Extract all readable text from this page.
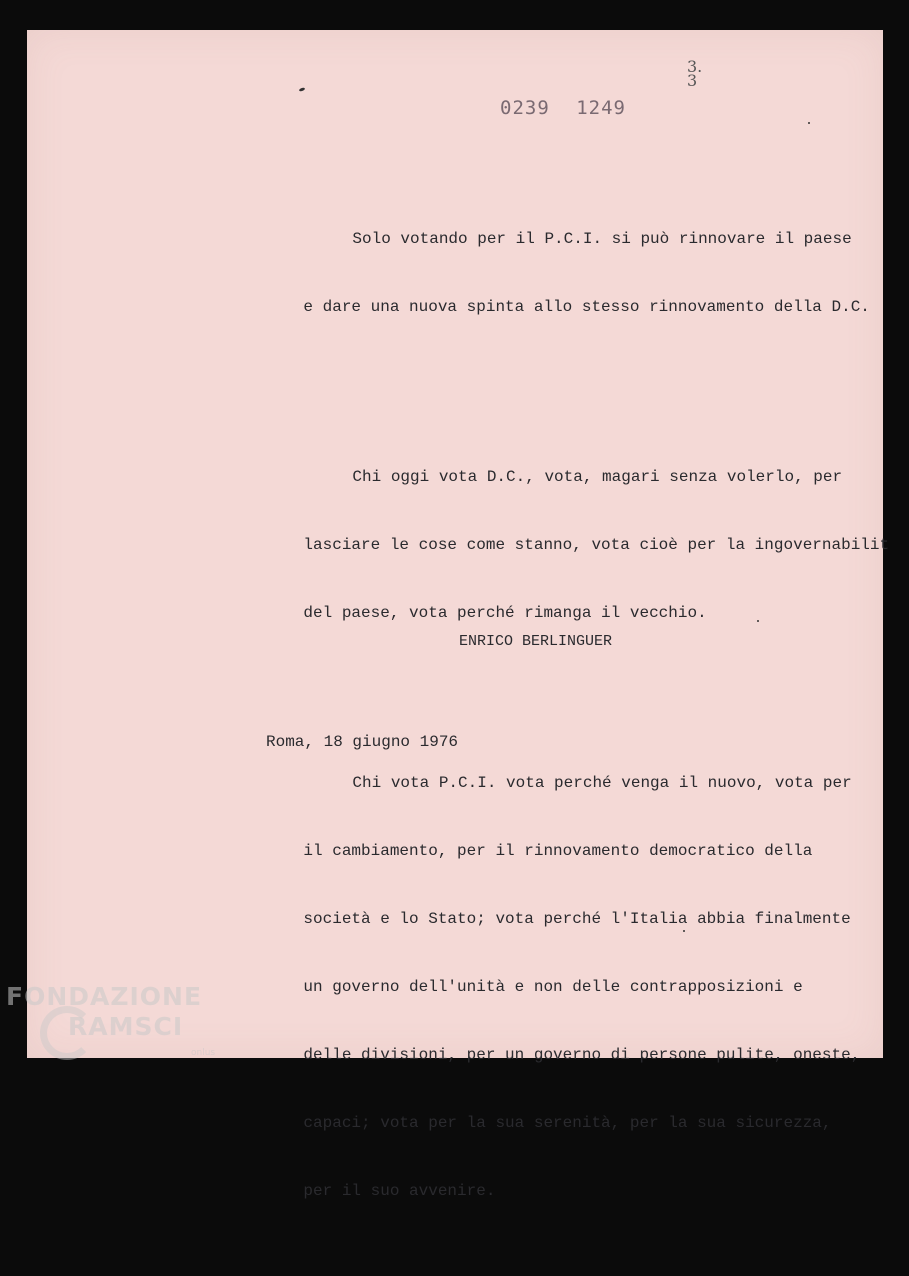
3.
3
0239 1249

Solo votando per il P.C.I. si può rinnovare il paese

e dare una nuova spinta allo stesso rinnovamento della D.C.

Chi oggi vota D.C., vota, magari senza volerlo, per

lasciare le cose come stanno, vota cioè per la ingovernabilit

del paese, vota perché rimanga il vecchio.

Chi vota P.C.I. vota perché venga il nuovo, vota per

il cambiamento, per il rinnovamento democratico della

società e lo Stato; vota perché l'Italia abbia finalmente

un governo dell'unità e non delle contrapposizioni e

delle divisioni, per un governo di persone pulite, oneste,

capaci; vota per la sua serenità, per la sua sicurezza,

per il suo avvenire.

ENRICO BERLINGUER
Roma, 18 giugno 1976
FONDAZIONE
RAMSCI
onlus
